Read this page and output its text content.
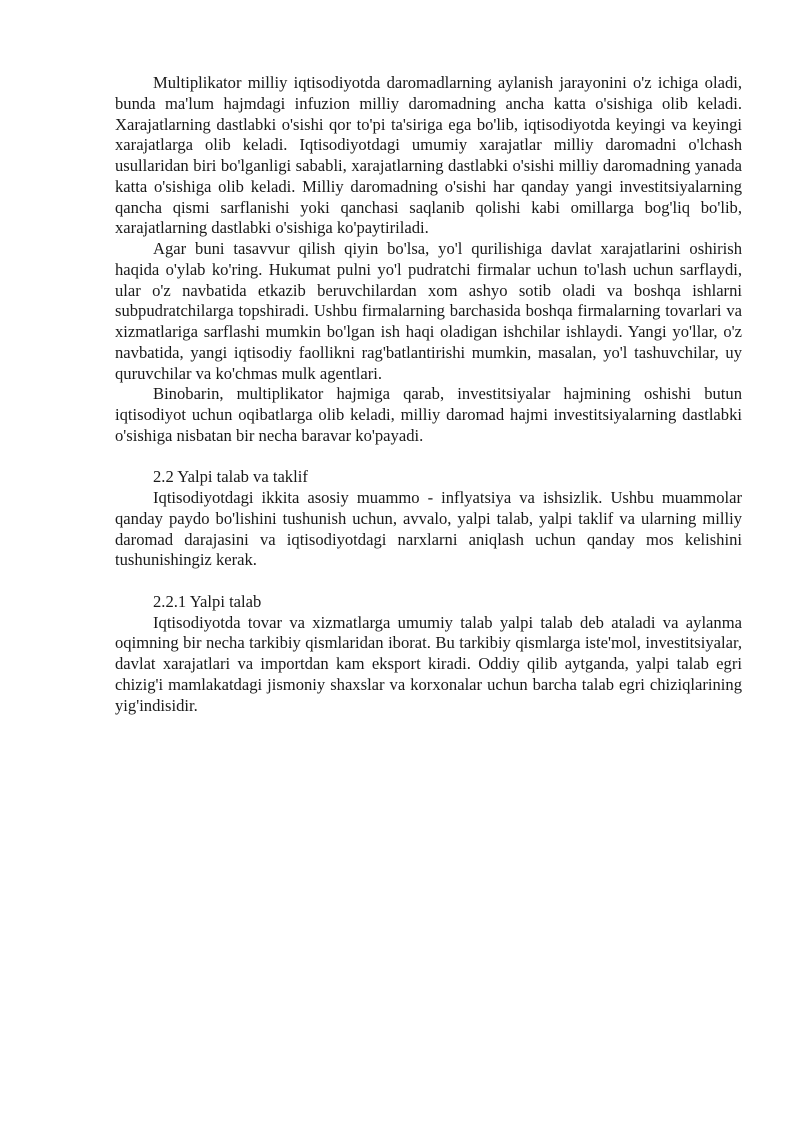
Multiplikator milliy iqtisodiyotda daromadlarning aylanish jarayonini o'z ichiga oladi, bunda ma'lum hajmdagi infuzion milliy daromadning ancha katta o'sishiga olib keladi. Xarajatlarning dastlabki o'sishi qor to'pi ta'siriga ega bo'lib, iqtisodiyotda keyingi va keyingi xarajatlarga olib keladi. Iqtisodiyotdagi umumiy xarajatlar milliy daromadni o'lchash usullaridan biri bo'lganligi sababli, xarajatlarning dastlabki o'sishi milliy daromadning yanada katta o'sishiga olib keladi. Milliy daromadning o'sishi har qanday yangi investitsiyalarning qancha qismi sarflanishi yoki qanchasi saqlanib qolishi kabi omillarga bog'liq bo'lib, xarajatlarning dastlabki o'sishiga ko'paytiriladi.

Agar buni tasavvur qilish qiyin bo'lsa, yo'l qurilishiga davlat xarajatlarini oshirish haqida o'ylab ko'ring. Hukumat pulni yo'l pudratchi firmalar uchun to'lash uchun sarflaydi, ular o'z navbatida etkazib beruvchilardan xom ashyo sotib oladi va boshqa ishlarni subpudratchilarga topshiradi. Ushbu firmalarning barchasida boshqa firmalarning tovarlari va xizmatlariga sarflashi mumkin bo'lgan ish haqi oladigan ishchilar ishlaydi. Yangi yo'llar, o'z navbatida, yangi iqtisodiy faollikni rag'batlantirishi mumkin, masalan, yo'l tashuvchilar, uy quruvchilar va ko'chmas mulk agentlari.

Binobarin, multiplikator hajmiga qarab, investitsiyalar hajmining oshishi butun iqtisodiyot uchun oqibatlarga olib keladi, milliy daromad hajmi investitsiyalarning dastlabki o'sishiga nisbatan bir necha baravar ko'payadi.

2.2 Yalpi talab va taklif

Iqtisodiyotdagi ikkita asosiy muammo - inflyatsiya va ishsizlik. Ushbu muammolar qanday paydo bo'lishini tushunish uchun, avvalo, yalpi talab, yalpi taklif va ularning milliy daromad darajasini va iqtisodiyotdagi narxlarni aniqlash uchun qanday mos kelishini tushunishingiz kerak.

2.2.1 Yalpi talab

Iqtisodiyotda tovar va xizmatlarga umumiy talab yalpi talab deb ataladi va aylanma oqimning bir necha tarkibiy qismlaridan iborat. Bu tarkibiy qismlarga iste'mol, investitsiyalar, davlat xarajatlari va importdan kam eksport kiradi. Oddiy qilib aytganda, yalpi talab egri chizig'i mamlakatdagi jismoniy shaxslar va korxonalar uchun barcha talab egri chiziqlarining yig'indisidir.
